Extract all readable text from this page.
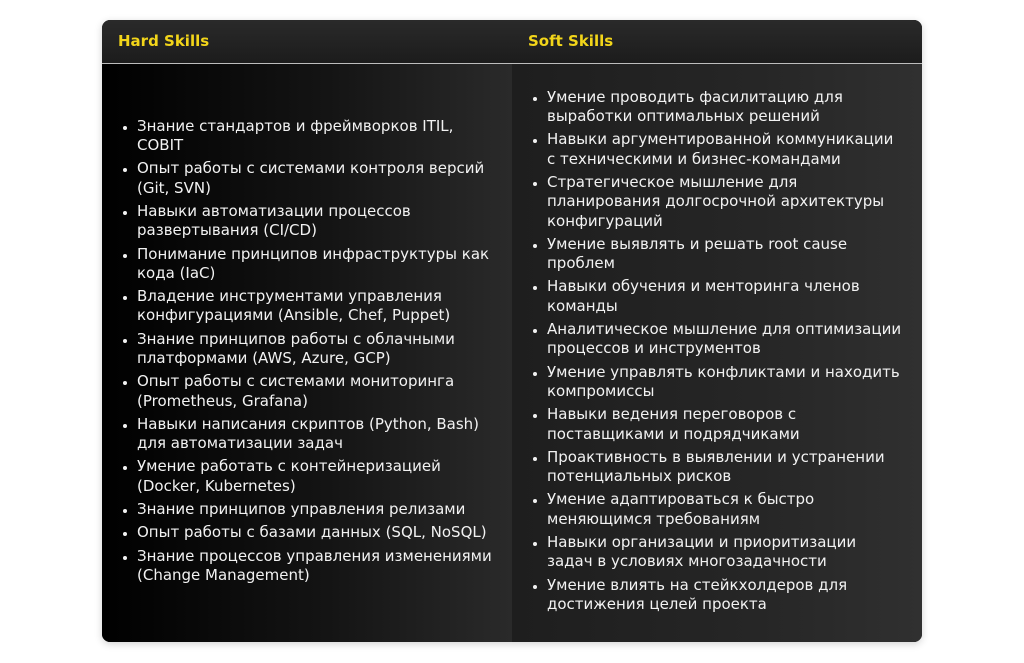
Hard Skills	Soft Skills
• Знание стандартов и фреймворков ITIL, COBIT
• Опыт работы с системами контроля версий (Git, SVN)
• Навыки автоматизации процессов развертывания (CI/CD)
• Понимание принципов инфраструктуры как кода (IaC)
• Владение инструментами управления конфигурациями (Ansible, Chef, Puppet)
• Знание принципов работы с облачными платформами (AWS, Azure, GCP)
• Опыт работы с системами мониторинга (Prometheus, Grafana)
• Навыки написания скриптов (Python, Bash) для автоматизации задач
• Умение работать с контейнеризацией (Docker, Kubernetes)
• Знание принципов управления релизами
• Опыт работы с базами данных (SQL, NoSQL)
• Знание процессов управления изменениями (Change Management)
• Умение проводить фасилитацию для выработки оптимальных решений
• Навыки аргументированной коммуникации с техническими и бизнес-командами
• Стратегическое мышление для планирования долгосрочной архитектуры конфигураций
• Умение выявлять и решать root cause проблем
• Навыки обучения и менторинга членов команды
• Аналитическое мышление для оптимизации процессов и инструментов
• Умение управлять конфликтами и находить компромиссы
• Навыки ведения переговоров с поставщиками и подрядчиками
• Проактивность в выявлении и устранении потенциальных рисков
• Умение адаптироваться к быстро меняющимся требованиям
• Навыки организации и приоритизации задач в условиях многозадачности
• Умение влиять на стейкхолдеров для достижения целей проекта
